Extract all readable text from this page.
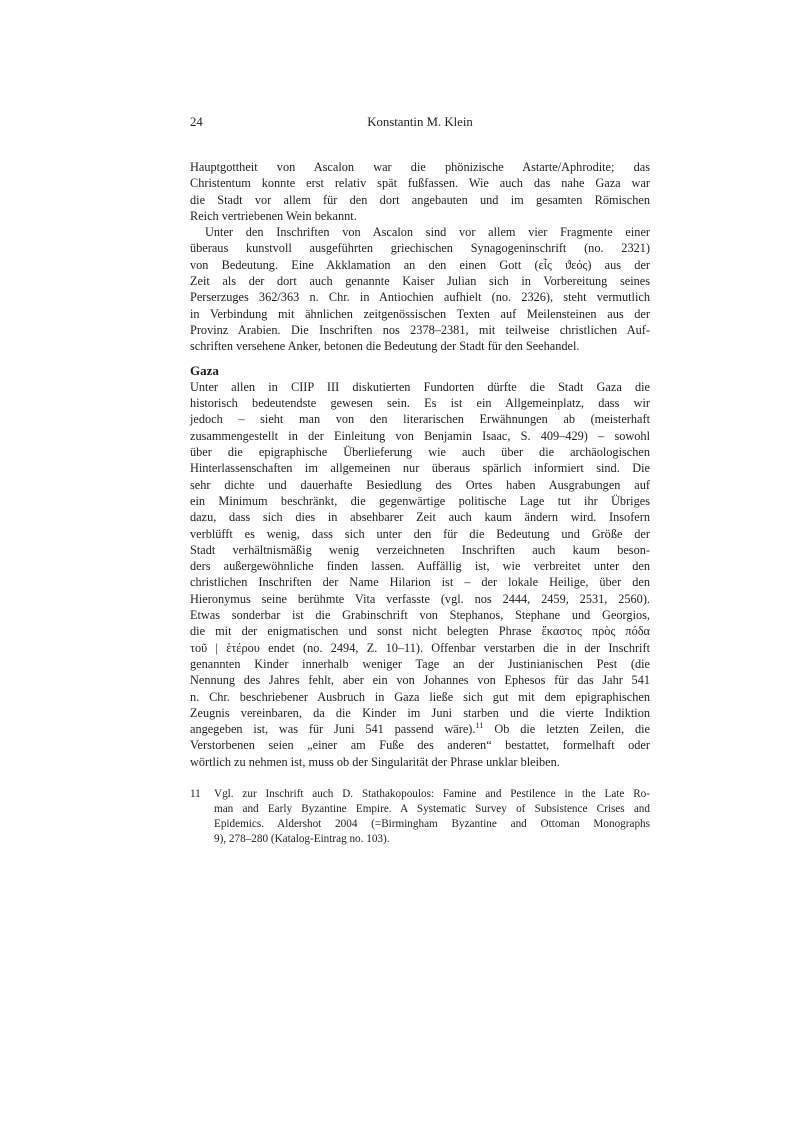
24	Konstantin M. Klein
Hauptgottheit von Ascalon war die phönizische Astarte/Aphrodite; das
Christentum konnte erst relativ spät fußfassen. Wie auch das nahe Gaza war
die Stadt vor allem für den dort angebauten und im gesamten Römischen
Reich vertriebenen Wein bekannt.
Unter den Inschriften von Ascalon sind vor allem vier Fragmente einer
überaus kunstvoll ausgeführten griechischen Synagogeninschrift (no. 2321)
von Bedeutung. Eine Akklamation an den einen Gott (εἷς ϑεός) aus der
Zeit als der dort auch genannte Kaiser Julian sich in Vorbereitung seines
Perserzuges 362/363 n. Chr. in Antiochien aufhielt (no. 2326), steht vermutlich
in Verbindung mit ähnlichen zeitgenössischen Texten auf Meilensteinen aus der
Provinz Arabien. Die Inschriften nos 2378–2381, mit teilweise christlichen Auf-
schriften versehene Anker, betonen die Bedeutung der Stadt für den Seehandel.
Gaza
Unter allen in CIIP III diskutierten Fundorten dürfte die Stadt Gaza die
historisch bedeutendste gewesen sein. Es ist ein Allgemeinplatz, dass wir
jedoch – sieht man von den literarischen Erwähnungen ab (meisterhaft
zusammengestellt in der Einleitung von Benjamin Isaac, S. 409–429) – sowohl
über die epigraphische Überlieferung wie auch über die archäologischen
Hinterlassenschaften im allgemeinen nur überaus spärlich informiert sind. Die
sehr dichte und dauerhafte Besiedlung des Ortes haben Ausgrabungen auf
ein Minimum beschränkt, die gegenwärtige politische Lage tut ihr Übriges
dazu, dass sich dies in absehbarer Zeit auch kaum ändern wird. Insofern
verblüfft es wenig, dass sich unter den für die Bedeutung und Größe der
Stadt verhältnismäßig wenig verzeichneten Inschriften auch kaum beson-
ders außergewöhnliche finden lassen. Auffällig ist, wie verbreitet unter den
christlichen Inschriften der Name Hilarion ist – der lokale Heilige, über den
Hieronymus seine berühmte Vita verfasste (vgl. nos 2444, 2459, 2531, 2560).
Etwas sonderbar ist die Grabinschrift von Stephanos, Stephane und Georgios,
die mit der enigmatischen und sonst nicht belegten Phrase ἕκαστος πρὸς πόδα
τοῦ | ἑτέρου endet (no. 2494, Z. 10–11). Offenbar verstarben die in der Inschrift
genannten Kinder innerhalb weniger Tage an der Justinianischen Pest (die
Nennung des Jahres fehlt, aber ein von Johannes von Ephesos für das Jahr 541
n. Chr. beschriebener Ausbruch in Gaza ließe sich gut mit dem epigraphischen
Zeugnis vereinbaren, da die Kinder im Juni starben und die vierte Indiktion
angegeben ist, was für Juni 541 passend wäre).$^{11}$ Ob die letzten Zeilen, die
Verstorbenen seien „einer am Fuße des anderen“ bestattet, formelhaft oder
wörtlich zu nehmen ist, muss ob der Singularität der Phrase unklar bleiben.
11	Vgl. zur Inschrift auch D. Stathakopoulos: Famine and Pestilence in the Late Ro-
man and Early Byzantine Empire. A Systematic Survey of Subsistence Crises and
Epidemics. Aldershot 2004 (=Birmingham Byzantine and Ottoman Monographs
9), 278–280 (Katalog-Eintrag no. 103).
